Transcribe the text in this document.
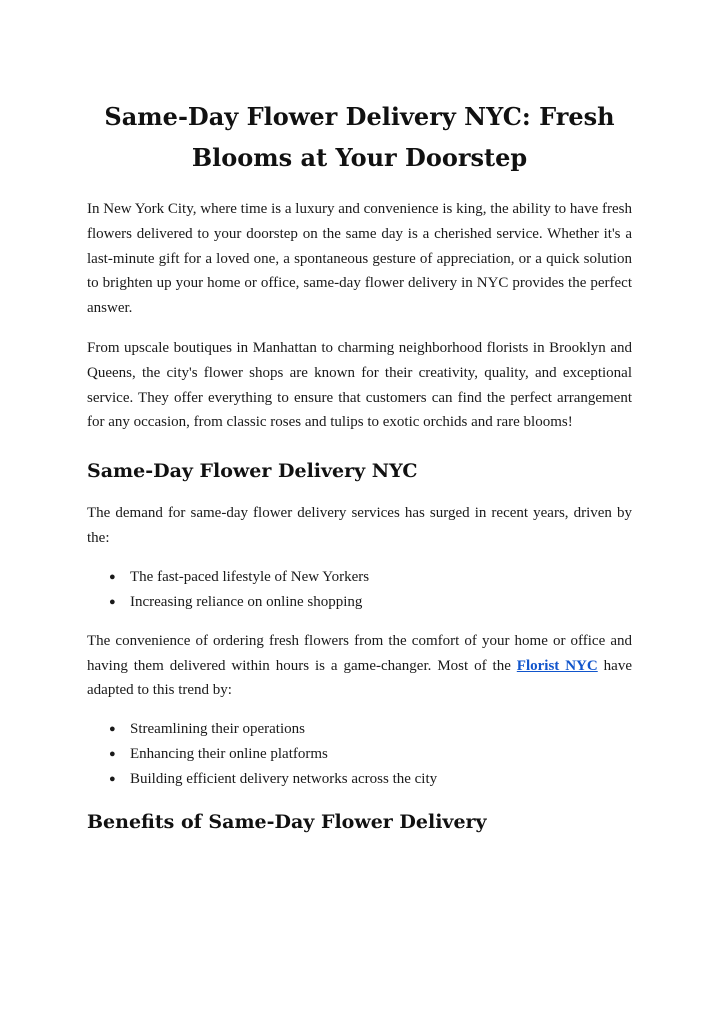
Same-Day Flower Delivery NYC: Fresh Blooms at Your Doorstep

In New York City, where time is a luxury and convenience is king, the ability to have fresh flowers delivered to your doorstep on the same day is a cherished service. Whether it's a last-minute gift for a loved one, a spontaneous gesture of appreciation, or a quick solution to brighten up your home or office, same-day flower delivery in NYC provides the perfect answer.

From upscale boutiques in Manhattan to charming neighborhood florists in Brooklyn and Queens, the city's flower shops are known for their creativity, quality, and exceptional service. They offer everything to ensure that customers can find the perfect arrangement for any occasion, from classic roses and tulips to exotic orchids and rare blooms!

Same-Day Flower Delivery NYC

The demand for same-day flower delivery services has surged in recent years, driven by the:

● The fast-paced lifestyle of New Yorkers
● Increasing reliance on online shopping

The convenience of ordering fresh flowers from the comfort of your home or office and having them delivered within hours is a game-changer. Most of the Florist NYC have adapted to this trend by:

● Streamlining their operations
● Enhancing their online platforms
● Building efficient delivery networks across the city
Benefits of Same-Day Flower Delivery
